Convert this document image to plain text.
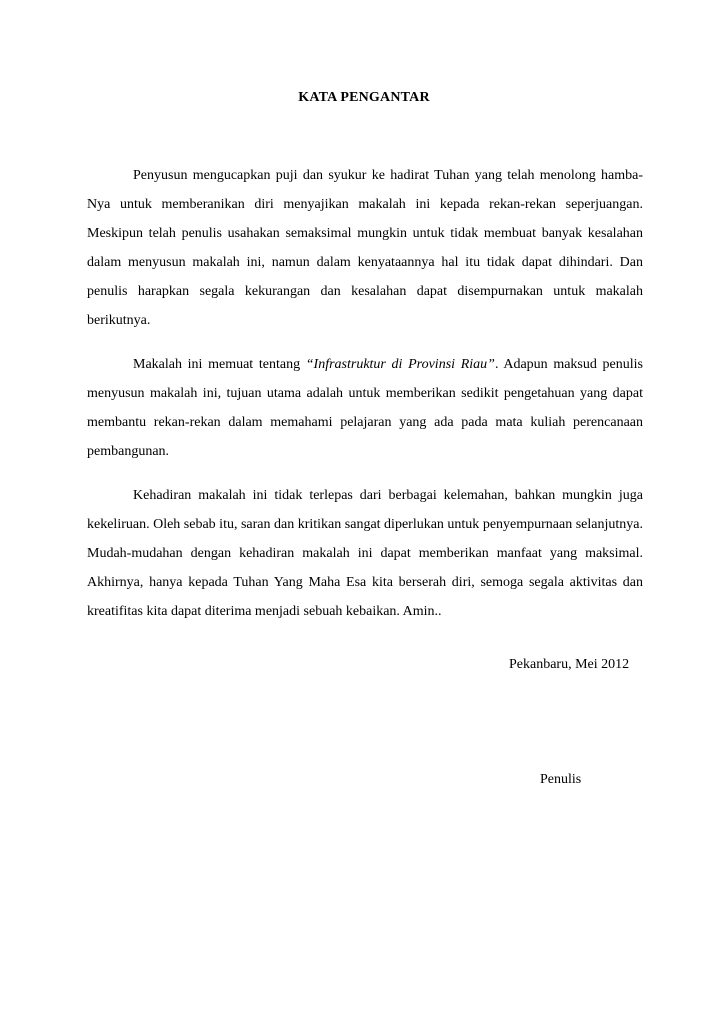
KATA PENGANTAR

Penyusun mengucapkan puji dan syukur ke hadirat Tuhan yang telah menolong hamba-Nya untuk memberanikan diri menyajikan makalah ini kepada rekan-rekan seperjuangan. Meskipun telah penulis usahakan semaksimal mungkin untuk tidak membuat banyak kesalahan dalam menyusun makalah ini, namun dalam kenyataannya hal itu tidak dapat dihindari. Dan penulis harapkan segala kekurangan dan kesalahan dapat disempurnakan untuk makalah berikutnya.

Makalah ini memuat tentang “Infrastruktur di Provinsi Riau”. Adapun maksud penulis menyusun makalah ini, tujuan utama adalah untuk memberikan sedikit pengetahuan yang dapat membantu rekan-rekan dalam memahami pelajaran yang ada pada mata kuliah perencanaan pembangunan.

Kehadiran makalah ini tidak terlepas dari berbagai kelemahan, bahkan mungkin juga kekeliruan. Oleh sebab itu, saran dan kritikan sangat diperlukan untuk penyempurnaan selanjutnya. Mudah-mudahan dengan kehadiran makalah ini dapat memberikan manfaat yang maksimal. Akhirnya, hanya kepada Tuhan Yang Maha Esa kita berserah diri, semoga segala aktivitas dan kreatifitas kita dapat diterima menjadi sebuah kebaikan. Amin..

Pekanbaru, Mei 2012
Penulis
